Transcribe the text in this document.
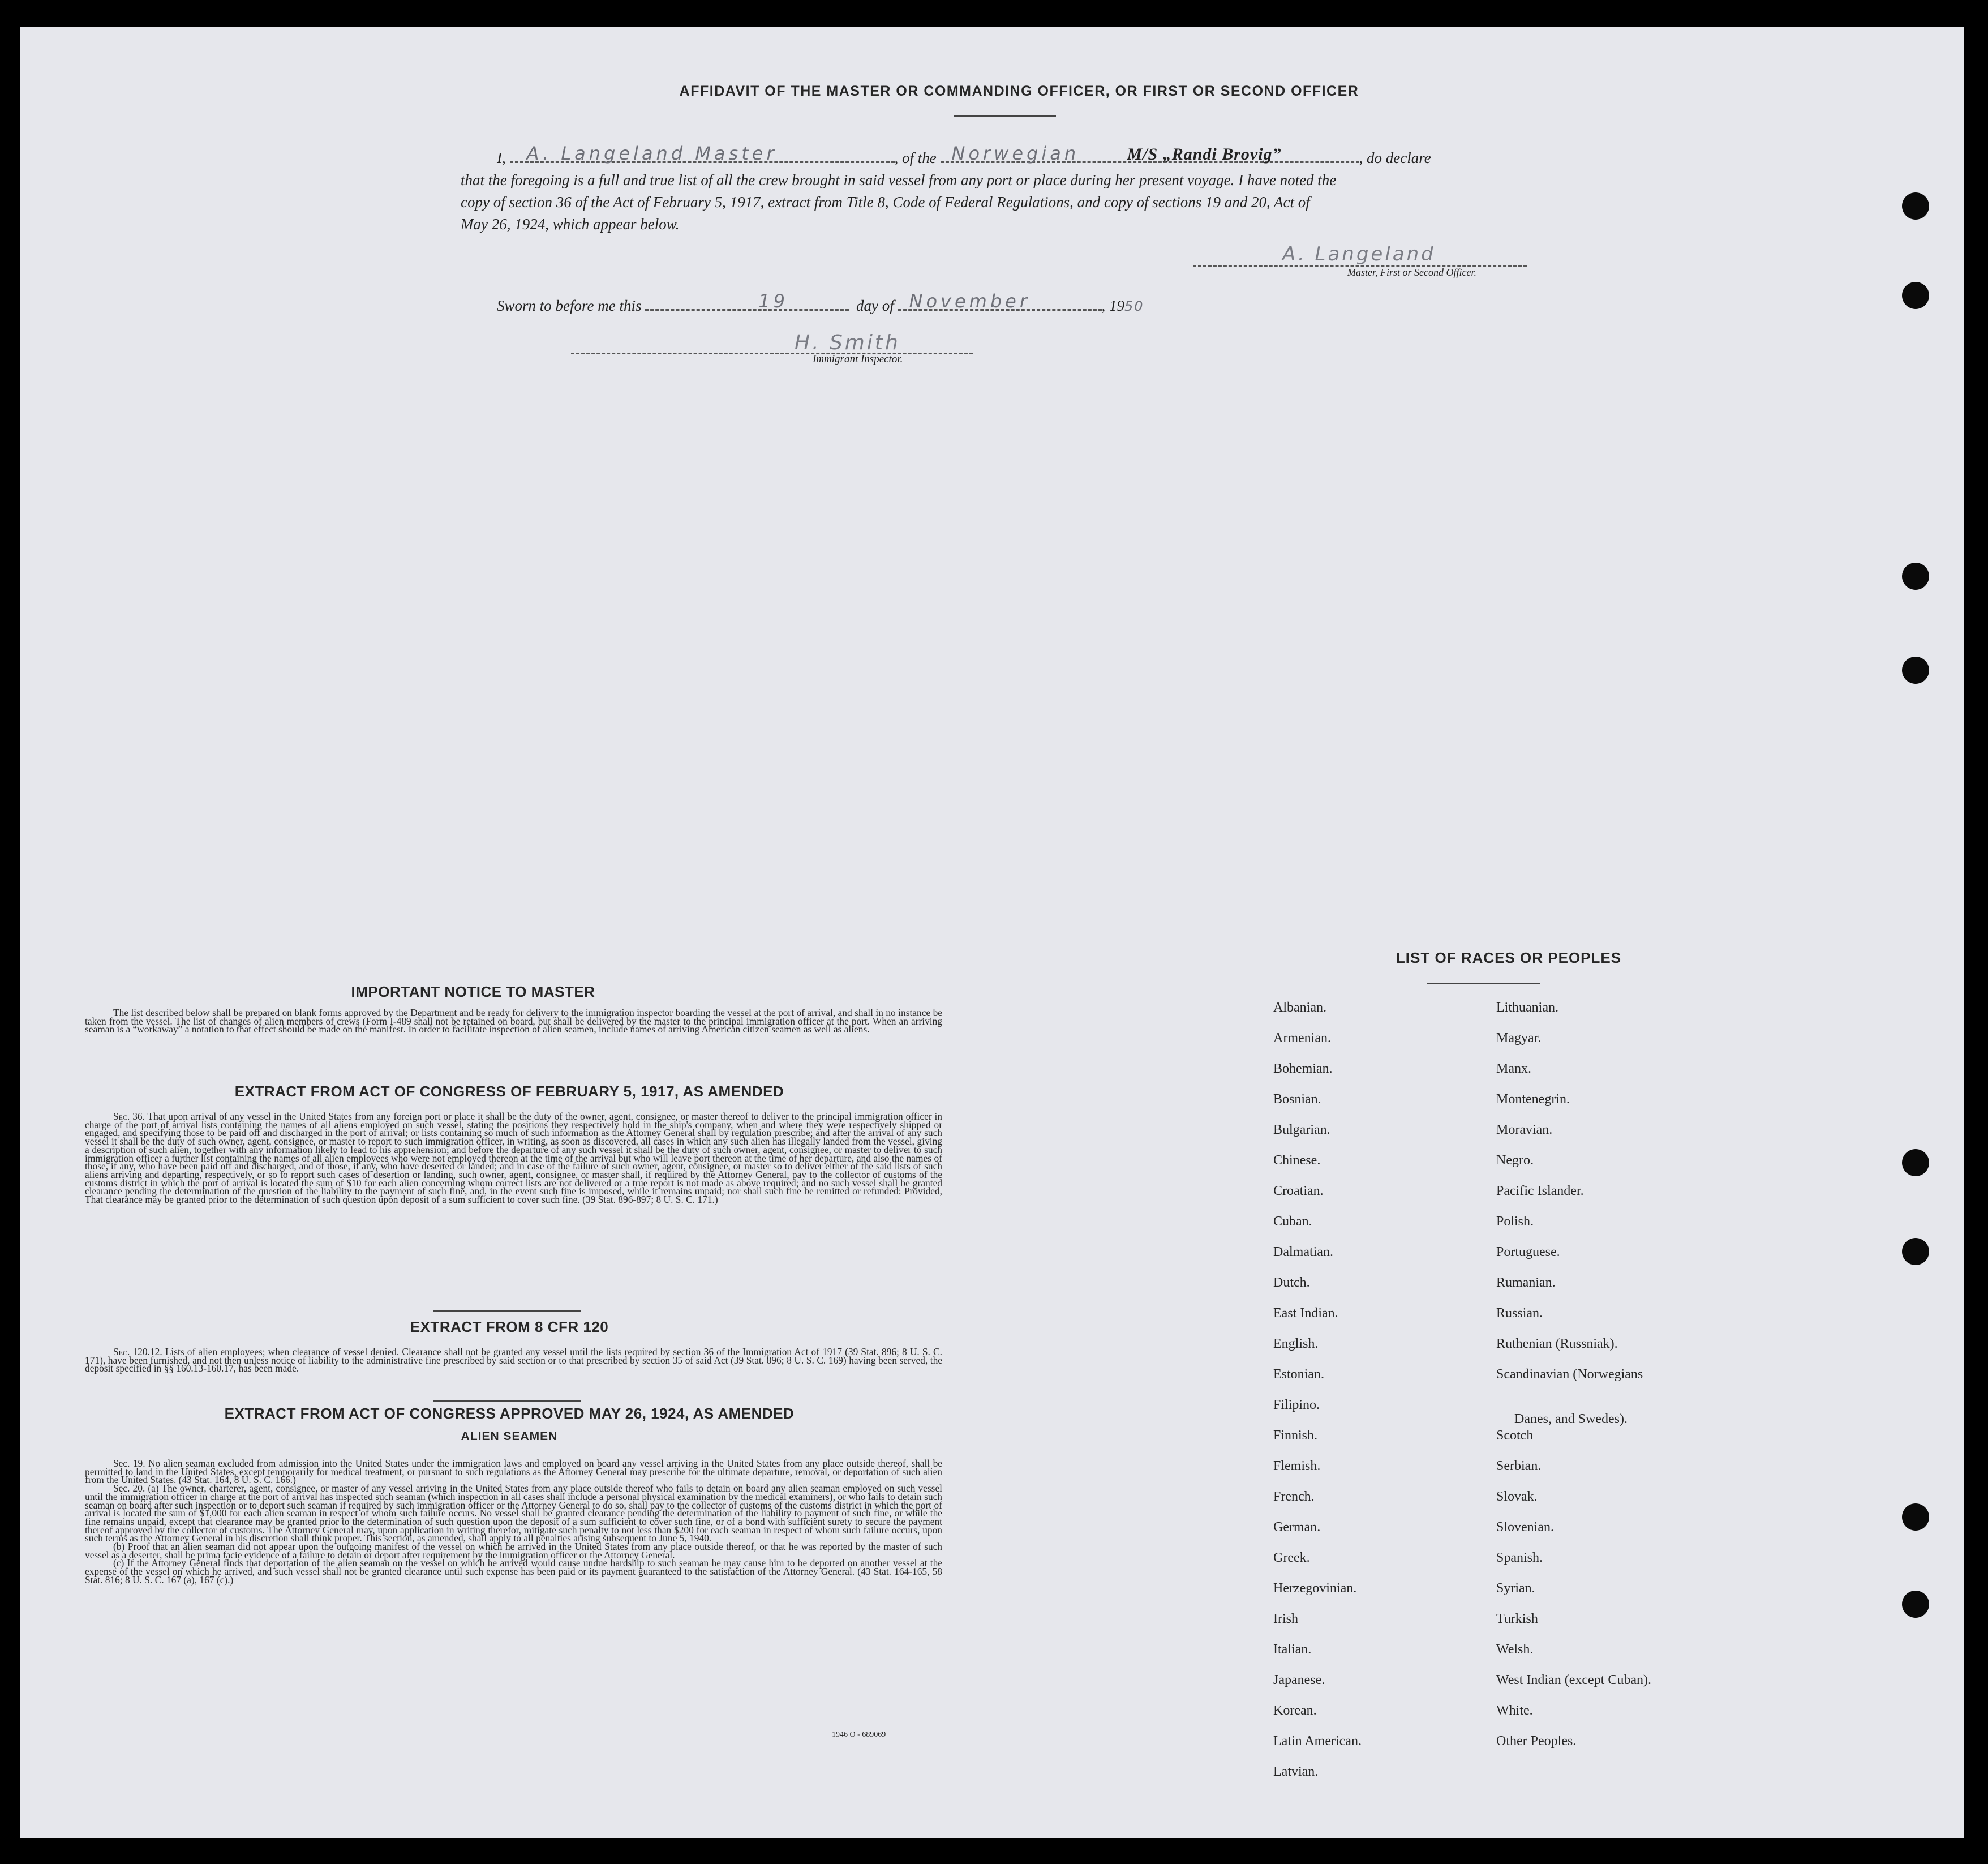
AFFIDAVIT OF THE MASTER OR COMMANDING OFFICER, OR FIRST OR SECOND OFFICER
I, A. Langeland Master	, of the Norwegian	M/S „Randi Brovig”	, do declare
that the foregoing is a full and true list of all the crew brought in said vessel from any port or place during her present voyage. I have noted the
copy of section 36 of the Act of February 5, 1917, extract from Title 8, Code of Federal Regulations, and copy of sections 19 and 20, Act of
May 26, 1924, which appear below.
A. Langeland
Master, First or Second Officer.
Sworn to before me this	19	day of November	, 1950
H. Smith
Immigrant Inspector.
IMPORTANT NOTICE TO MASTER
The list described below shall be prepared on blank forms approved by the Department and be ready for delivery to the immigration inspector boarding the vessel at the port of arrival, and shall in no instance be taken from the vessel. The list of changes of alien members of crews (Form I-489 shall not be retained on board, but shall be delivered by the master to the principal immigration officer at the port. When an arriving seaman is a “workaway” a notation to that effect should be made on the manifest. In order to facilitate inspection of alien seamen, include names of arriving American citizen seamen as well as aliens.
EXTRACT FROM ACT OF CONGRESS OF FEBRUARY 5, 1917, AS AMENDED
Sec. 36. That upon arrival of any vessel in the United States from any foreign port or place it shall be the duty of the owner, agent, consignee, or master thereof to deliver to the principal immigration officer in charge of the port of arrival lists containing the names of all aliens employed on such vessel, stating the positions they respectively hold in the ship's company, when and where they were respectively shipped or engaged, and specifying those to be paid off and discharged in the port of arrival; or lists containing so much of such information as the Attorney General shall by regulation prescribe; and after the arrival of any such vessel it shall be the duty of such owner, agent, consignee, or master to report to such immigration officer, in writing, as soon as discovered, all cases in which any such alien has illegally landed from the vessel, giving a description of such alien, together with any information likely to lead to his apprehension; and before the departure of any such vessel it shall be the duty of such owner, agent, consignee, or master to deliver to such immigration officer a further list containing the names of all alien employees who were not employed thereon at the time of the arrival but who will leave port thereon at the time of her departure, and also the names of those, if any, who have been paid off and discharged, and of those, if any, who have deserted or landed; and in case of the failure of such owner, agent, consignee, or master so to deliver either of the said lists of such aliens arriving and departing, respectively, or so to report such cases of desertion or landing, such owner, agent, consignee, or master shall, if required by the Attorney General, pay to the collector of customs of the customs district in which the port of arrival is located the sum of $10 for each alien concerning whom correct lists are not delivered or a true report is not made as above required; and no such vessel shall be granted clearance pending the determination of the question of the liability to the payment of such fine, and, in the event such fine is imposed, while it remains unpaid; nor shall such fine be remitted or refunded: Provided, That clearance may be granted prior to the determination of such question upon deposit of a sum sufficient to cover such fine. (39 Stat. 896-897; 8 U. S. C. 171.)
EXTRACT FROM 8 CFR 120
Sec. 120.12. Lists of alien employees; when clearance of vessel denied. Clearance shall not be granted any vessel until the lists required by section 36 of the Immigration Act of 1917 (39 Stat. 896; 8 U. S. C. 171), have been furnished, and not then unless notice of liability to the administrative fine prescribed by said section or to that prescribed by section 35 of said Act (39 Stat. 896; 8 U. S. C. 169) having been served, the deposit specified in §§ 160.13-160.17, has been made.
EXTRACT FROM ACT OF CONGRESS APPROVED MAY 26, 1924, AS AMENDED
ALIEN SEAMEN
Sec. 19. No alien seaman excluded from admission into the United States under the immigration laws and employed on board any vessel arriving in the United States from any place outside thereof, shall be permitted to land in the United States, except temporarily for medical treatment, or pursuant to such regulations as the Attorney General may prescribe for the ultimate departure, removal, or deportation of such alien from the United States. (43 Stat. 164, 8 U. S. C. 166.)
Sec. 20. (a) The owner, charterer, agent, consignee, or master of any vessel arriving in the United States from any place outside thereof who fails to detain on board any alien seaman employed on such vessel until the immigration officer in charge at the port of arrival has inspected such seaman (which inspection in all cases shall include a personal physical examination by the medical examiners), or who fails to detain such seaman on board after such inspection or to deport such seaman if required by such immigration officer or the Attorney General to do so, shall pay to the collector of customs of the customs district in which the port of arrival is located the sum of $1,000 for each alien seaman in respect of whom such failure occurs. No vessel shall be granted clearance pending the determination of the liability to payment of such fine, or while the fine remains unpaid, except that clearance may be granted prior to the determination of such question upon the deposit of a sum sufficient to cover such fine, or of a bond with sufficient surety to secure the payment thereof approved by the collector of customs. The Attorney General may, upon application in writing therefor, mitigate such penalty to not less than $200 for each seaman in respect of whom such failure occurs, upon such terms as the Attorney General in his discretion shall think proper. This section, as amended, shall apply to all penalties arising subsequent to June 5, 1940.
(b) Proof that an alien seaman did not appear upon the outgoing manifest of the vessel on which he arrived in the United States from any place outside thereof, or that he was reported by the master of such vessel as a deserter, shall be prima facie evidence of a failure to detain or deport after requirement by the immigration officer or the Attorney General.
(c) If the Attorney General finds that deportation of the alien seaman on the vessel on which he arrived would cause undue hardship to such seaman he may cause him to be deported on another vessel at the expense of the vessel on which he arrived, and such vessel shall not be granted clearance until such expense has been paid or its payment guaranteed to the satisfaction of the Attorney General. (43 Stat. 164-165, 58 Stat. 816; 8 U. S. C. 167 (a), 167 (c).)
1946 O - 689069
LIST OF RACES OR PEOPLES
Albanian.
Armenian.
Bohemian.
Bosnian.
Bulgarian.
Chinese.
Croatian.
Cuban.
Dalmatian.
Dutch.
East Indian.
English.
Estonian.
Filipino.
Finnish.
Flemish.
French.
German.
Greek.
Herzegovinian.
Irish
Italian.
Japanese.
Korean.
Latin American.
Latvian.
Lithuanian.
Magyar.
Manx.
Montenegrin.
Moravian.
Negro.
Pacific Islander.
Polish.
Portuguese.
Rumanian.
Russian.
Ruthenian (Russniak).
Scandinavian (Norwegians
Danes, and Swedes).
Scotch
Serbian.
Slovak.
Slovenian.
Spanish.
Syrian.
Turkish
Welsh.
West Indian (except Cuban).
White.
Other Peoples.
